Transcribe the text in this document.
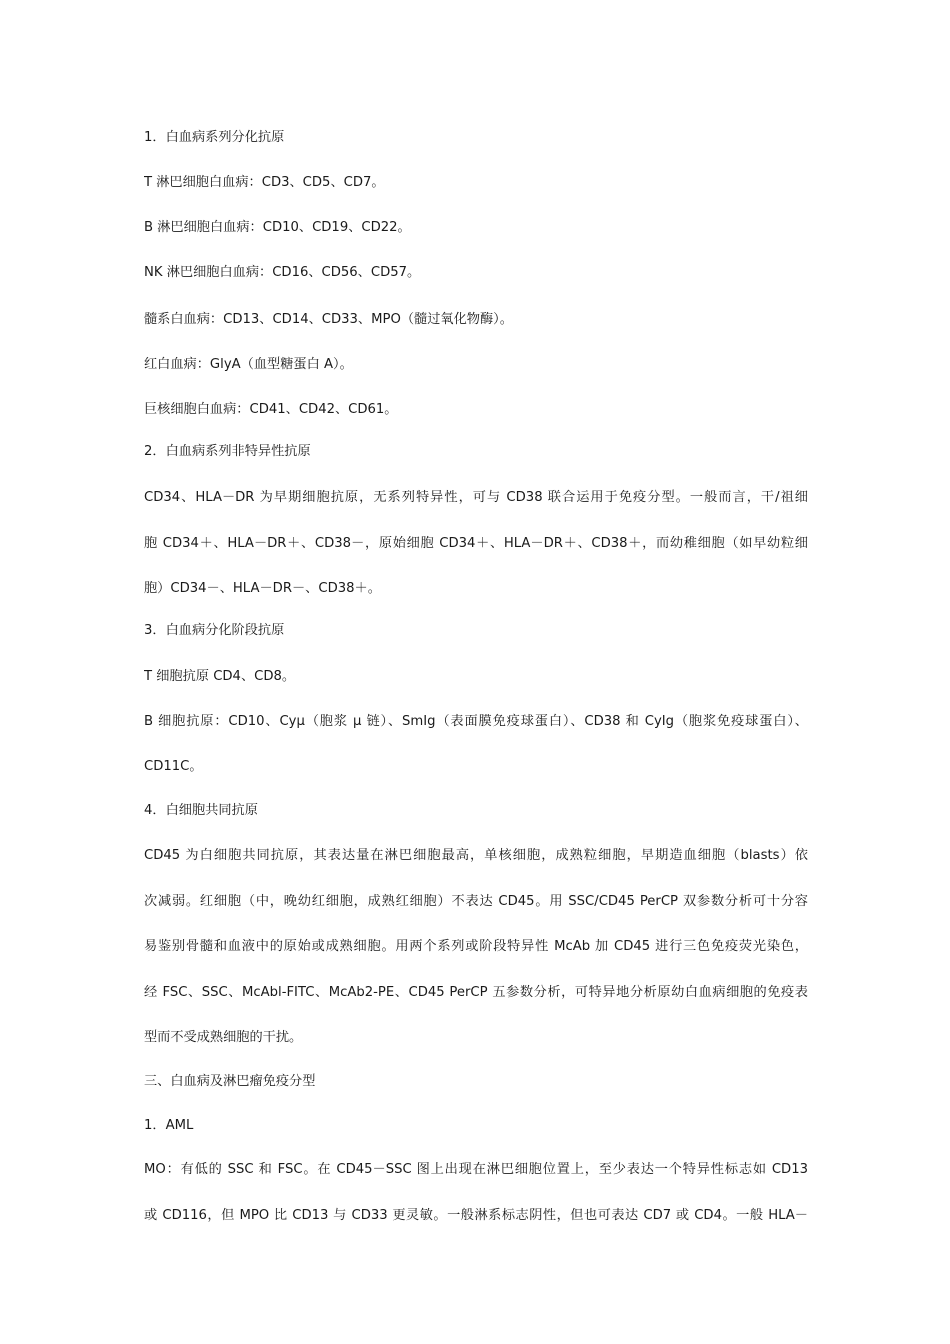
1．白血病系列分化抗原
T 淋巴细胞白血病：CD3、CD5、CD7。
B 淋巴细胞白血病：CD10、CD19、CD22。
NK 淋巴细胞白血病：CD16、CD56、CD57。
髓系白血病：CD13、CD14、CD33、MPO（髓过氧化物酶）。
红白血病：GlyA（血型糖蛋白 A）。
巨核细胞白血病：CD41、CD42、CD61。
2．白血病系列非特异性抗原
CD34、HLA－DR 为早期细胞抗原，无系列特异性，可与 CD38 联合运用于免疫分型。一般而言，干/祖细
胞 CD34＋、HLA－DR＋、CD38－，原始细胞 CD34＋、HLA－DR＋、CD38＋，而幼稚细胞（如早幼粒细
胞）CD34－、HLA－DR－、CD38＋。
3．白血病分化阶段抗原
T 细胞抗原 CD4、CD8。
B 细胞抗原：CD10、Cyμ（胞浆 μ 链）、SmIg（表面膜免疫球蛋白）、CD38 和 CyIg（胞浆免疫球蛋白）、
CD11C。
4．白细胞共同抗原
CD45 为白细胞共同抗原，其表达量在淋巴细胞最高，单核细胞，成熟粒细胞，早期造血细胞（blasts）依
次减弱。红细胞（中，晚幼红细胞，成熟红细胞）不表达 CD45。用 SSC/CD45 PerCP 双参数分析可十分容
易鉴别骨髓和血液中的原始或成熟细胞。用两个系列或阶段特异性 McAb 加 CD45 进行三色免疫荧光染色，
经 FSC、SSC、McAbl-FITC、McAb2-PE、CD45 PerCP 五参数分析，可特异地分析原幼白血病细胞的免疫表
型而不受成熟细胞的干扰。
三、白血病及淋巴瘤免疫分型
1．AML
MO：有低的 SSC 和 FSC。在 CD45－SSC 图上出现在淋巴细胞位置上，至少表达一个特异性标志如 CD13
或 CD116，但 MPO 比 CD13 与 CD33 更灵敏。一般淋系标志阴性，但也可表达 CD7 或 CD4。一般 HLA－
